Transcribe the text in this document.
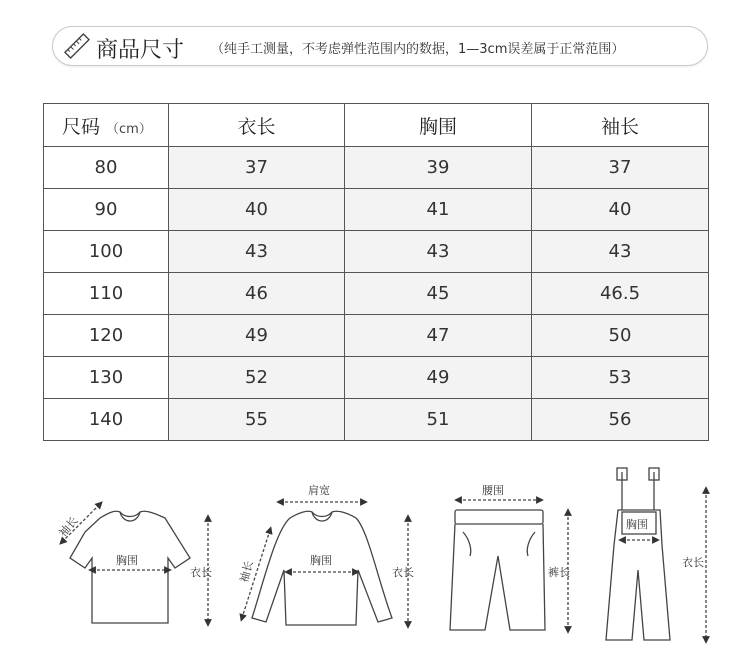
商品尺寸 （纯手工测量，不考虑弹性范围内的数据，1—3cm误差属于正常范围）
尺码 （cm）	衣长	胸围	袖长
80	37	39	37
90	40	41	40
100	43	43	43
110	46	45	46.5
120	49	47	50
130	52	49	53
140	55	51	56
袖长
胸围
衣长
肩宽
胸围
袖长	衣长
腰围
裤长
胸围
衣长
